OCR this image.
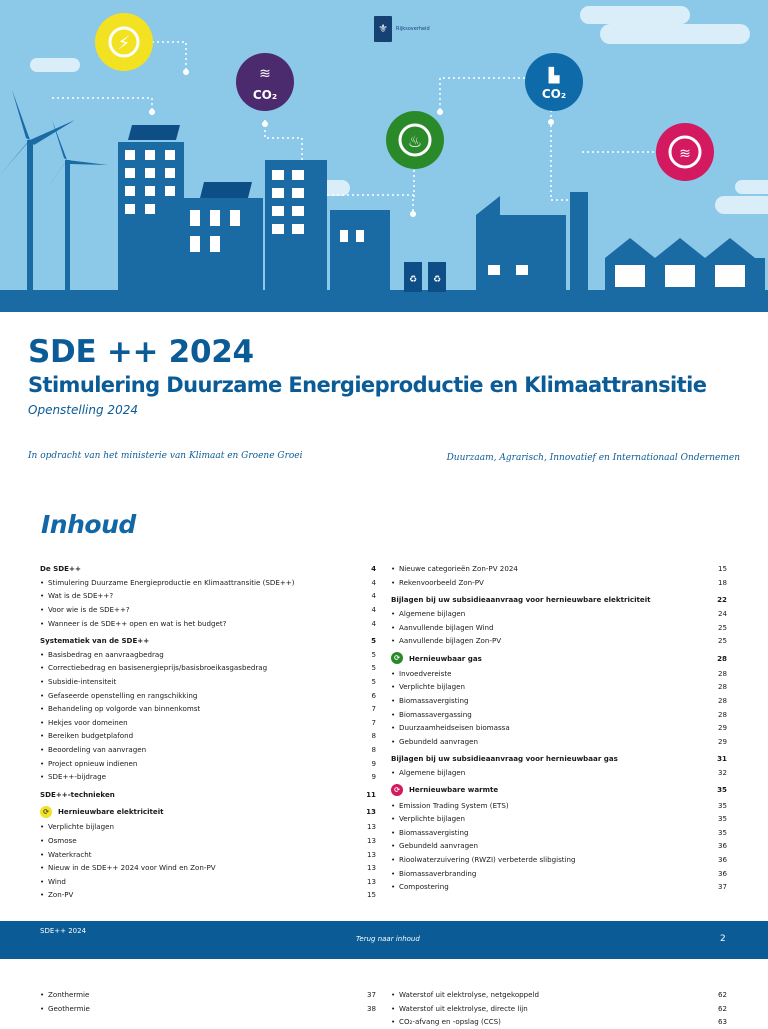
♻ ♻
⚡
≋
CO₂
♨
▙
CO₂
≋
⚜	Rijksoverheid
SDE ++ 2024
Stimulering Duurzame Energieproductie en Klimaattransitie

Openstelling 2024

In opdracht van het ministerie van Klimaat en Groene Groei	Duurzaam, Agrarisch, Innovatief en Internationaal Ondernemen
Inhoud
De SDE++	4
• Stimulering Duurzame Energieproductie en Klimaattransitie (SDE++)	4
• Wat is de SDE++?	4
• Voor wie is de SDE++?	4
• Wanneer is de SDE++ open en wat is het budget?	4
Systematiek van de SDE++	5
• Basisbedrag en aanvraagbedrag	5
• Correctiebedrag en basisenergieprijs/basisbroeikasgasbedrag	5
• Subsidie-intensiteit	5
• Gefaseerde openstelling en rangschikking	6
• Behandeling op volgorde van binnenkomst	7
• Hekjes voor domeinen	7
• Bereiken budgetplafond	8
• Beoordeling van aanvragen	8
• Project opnieuw indienen	9
• SDE++-bijdrage	9
SDE++-technieken	11
⟳	Hernieuwbare elektriciteit	13
• Verplichte bijlagen	13
• Osmose	13
• Waterkracht	13
• Nieuw in de SDE++ 2024 voor Wind en Zon-PV	13
• Wind	13
• Zon-PV	15
• Nieuwe categorieën Zon-PV 2024	15
• Rekenvoorbeeld Zon-PV	18
Bijlagen bij uw subsidieaanvraag voor hernieuwbare elektriciteit	22
• Algemene bijlagen	24
• Aanvullende bijlagen Wind	25
• Aanvullende bijlagen Zon-PV	25
⟳	Hernieuwbaar gas	28
• Invoedvereiste	28
• Verplichte bijlagen	28
• Biomassavergisting	28
• Biomassavergassing	28
• Duurzaamheidseisen biomassa	29
• Gebundeld aanvragen	29
Bijlagen bij uw subsidieaanvraag voor hernieuwbaar gas	31
• Algemene bijlagen	32
⟳	Hernieuwbare warmte	35
• Emission Trading System (ETS)	35
• Verplichte bijlagen	35
• Biomassavergisting	35
• Gebundeld aanvragen	36
• Rioolwaterzuivering (RWZI) verbeterde slibgisting	36
• Biomassaverbranding	36
• Compostering	37
SDE++ 2024
Terug naar inhoud	2
• Zonthermie	37
• Geothermie	38
• Waterstof uit elektrolyse, netgekoppeld	62
• Waterstof uit elektrolyse, directe lijn	62
• CO₂-afvang en -opslag (CCS)	63
